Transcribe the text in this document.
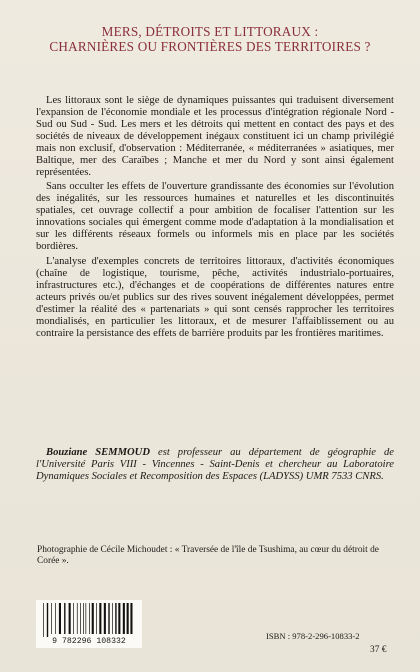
MERS, DÉTROITS ET LITTORAUX :
CHARNIÈRES OU FRONTIÈRES DES TERRITOIRES ?

Les littoraux sont le siège de dynamiques puissantes qui traduisent diversement l'expansion de l'économie mondiale et les processus d'intégration régionale Nord - Sud ou Sud - Sud. Les mers et les détroits qui mettent en contact des pays et des sociétés de niveaux de développement inégaux constituent ici un champ privilégié mais non exclusif, d'observation : Méditerranée, « méditerranées » asiatiques, mer Baltique, mer des Caraïbes ; Manche et mer du Nord y sont ainsi également représentées.

Sans occulter les effets de l'ouverture grandissante des économies sur l'évolution des inégalités, sur les ressources humaines et naturelles et les discontinuités spatiales, cet ouvrage collectif a pour ambition de focaliser l'attention sur les innovations sociales qui émergent comme mode d'adaptation à la mondialisation et sur les différents réseaux formels ou informels mis en place par les sociétés bordières.

L'analyse d'exemples concrets de territoires littoraux, d'activités économiques (chaîne de logistique, tourisme, pêche, activités industrialo-portuaires, infrastructures etc.), d'échanges et de coopérations de différentes natures entre acteurs privés ou/et publics sur des rives souvent inégalement développées, permet d'estimer la réalité des « partenariats » qui sont censés rapprocher les territoires mondialisés, en particulier les littoraux, et de mesurer l'affaiblissement ou au contraire la persistance des effets de barrière produits par les frontières maritimes.

Bouziane SEMMOUD est professeur au département de géographie de l'Université Paris VIII - Vincennes - Saint-Denis et chercheur au Laboratoire Dynamiques Sociales et Recomposition des Espaces (LADYSS) UMR 7533 CNRS.

Photographie de Cécile Michoudet : « Traversée de l'île de Tsushima, au cœur du détroit de Corée ».

9 782296 108332
ISBN : 978-2-296-10833-2
37 €
